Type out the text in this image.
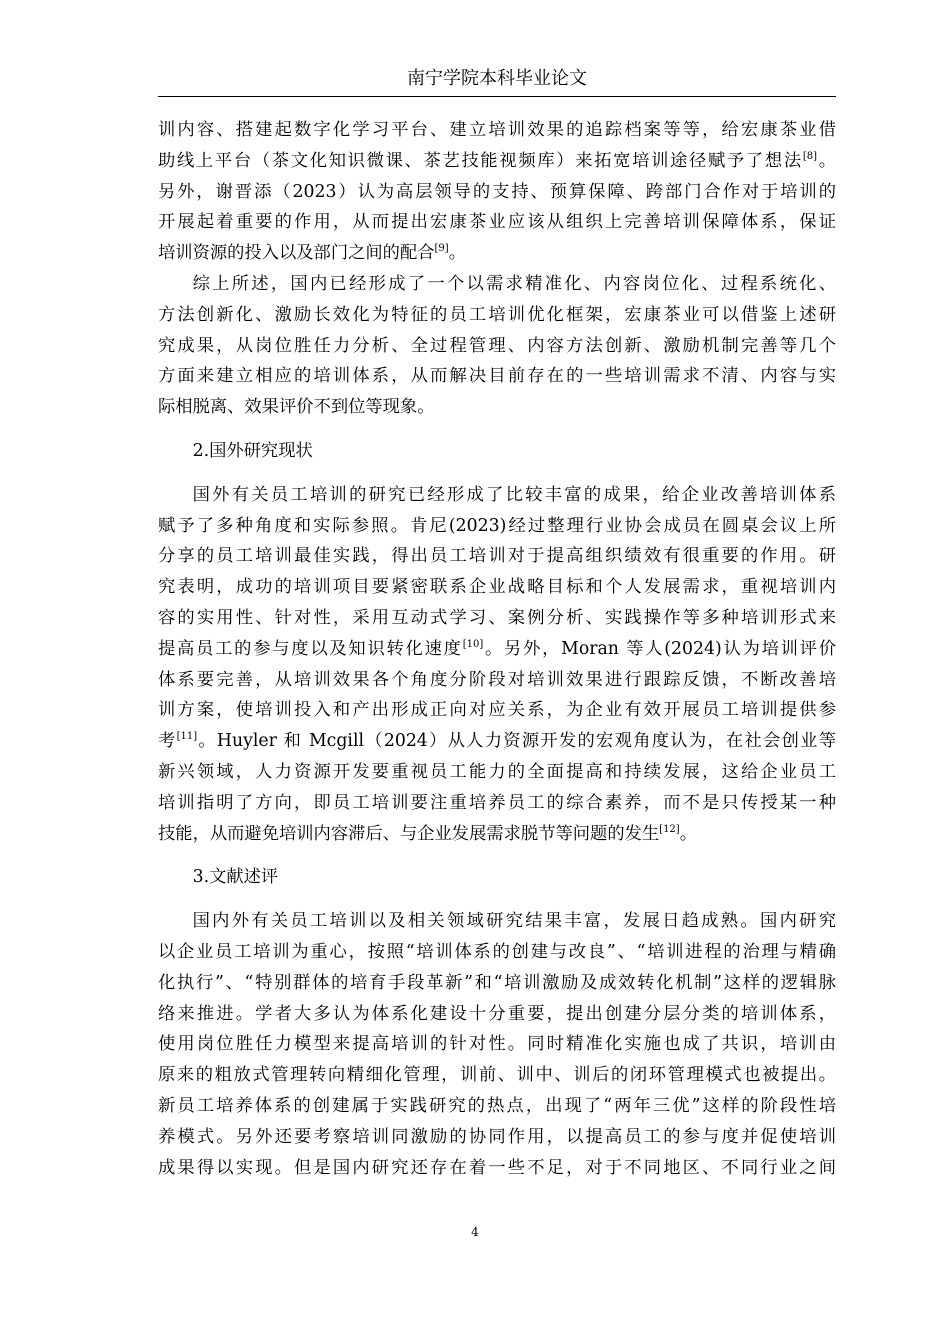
南宁学院本科毕业论文

训内容、搭建起数字化学习平台、建立培训效果的追踪档案等等，给宏康茶业借
助线上平台（茶文化知识微课、茶艺技能视频库）来拓宽培训途径赋予了想法[8]。
另外，谢晋添（2023）认为高层领导的支持、预算保障、跨部门合作对于培训的
开展起着重要的作用，从而提出宏康茶业应该从组织上完善培训保障体系，保证
培训资源的投入以及部门之间的配合[9]。

综上所述，国内已经形成了一个以需求精准化、内容岗位化、过程系统化、
方法创新化、激励长效化为特征的员工培训优化框架，宏康茶业可以借鉴上述研
究成果，从岗位胜任力分析、全过程管理、内容方法创新、激励机制完善等几个
方面来建立相应的培训体系，从而解决目前存在的一些培训需求不清、内容与实
际相脱离、效果评价不到位等现象。

2.国外研究现状

国外有关员工培训的研究已经形成了比较丰富的成果，给企业改善培训体系
赋予了多种角度和实际参照。肯尼(2023)经过整理行业协会成员在圆桌会议上所
分享的员工培训最佳实践，得出员工培训对于提高组织绩效有很重要的作用。研
究表明，成功的培训项目要紧密联系企业战略目标和个人发展需求，重视培训内
容的实用性、针对性，采用互动式学习、案例分析、实践操作等多种培训形式来
提高员工的参与度以及知识转化速度[10]。另外，Moran 等人(2024)认为培训评价
体系要完善，从培训效果各个角度分阶段对培训效果进行跟踪反馈，不断改善培
训方案，使培训投入和产出形成正向对应关系，为企业有效开展员工培训提供参
考[11]。Huyler 和 Mcgill（2024）从人力资源开发的宏观角度认为，在社会创业等
新兴领域，人力资源开发要重视员工能力的全面提高和持续发展，这给企业员工
培训指明了方向，即员工培训要注重培养员工的综合素养，而不是只传授某一种
技能，从而避免培训内容滞后、与企业发展需求脱节等问题的发生[12]。

3.文献述评

国内外有关员工培训以及相关领域研究结果丰富，发展日趋成熟。国内研究
以企业员工培训为重心，按照“培训体系的创建与改良”、“培训进程的治理与精确
化执行”、“特别群体的培育手段革新”和“培训激励及成效转化机制”这样的逻辑脉
络来推进。学者大多认为体系化建设十分重要，提出创建分层分类的培训体系，
使用岗位胜任力模型来提高培训的针对性。同时精准化实施也成了共识，培训由
原来的粗放式管理转向精细化管理，训前、训中、训后的闭环管理模式也被提出。
新员工培养体系的创建属于实践研究的热点，出现了“两年三优”这样的阶段性培
养模式。另外还要考察培训同激励的协同作用，以提高员工的参与度并促使培训
成果得以实现。但是国内研究还存在着一些不足，对于不同地区、不同行业之间

4
